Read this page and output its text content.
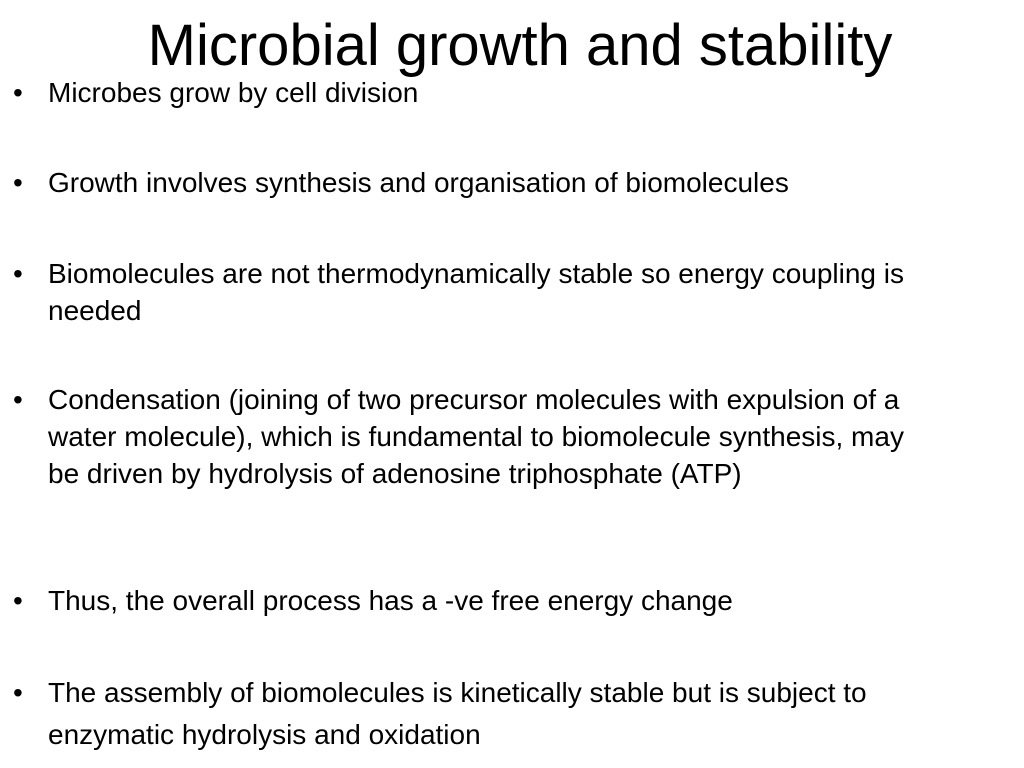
Microbial growth and stability
• Microbes grow by cell division
• Growth involves synthesis and organisation of biomolecules
• Biomolecules are not thermodynamically stable so energy coupling is needed
• Condensation (joining of two precursor molecules with expulsion of a water molecule), which is fundamental to biomolecule synthesis, may be driven by hydrolysis of adenosine triphosphate (ATP)
• Thus, the overall process has a -ve free energy change
• The assembly of biomolecules is kinetically stable but is subject to enzymatic hydrolysis and oxidation
